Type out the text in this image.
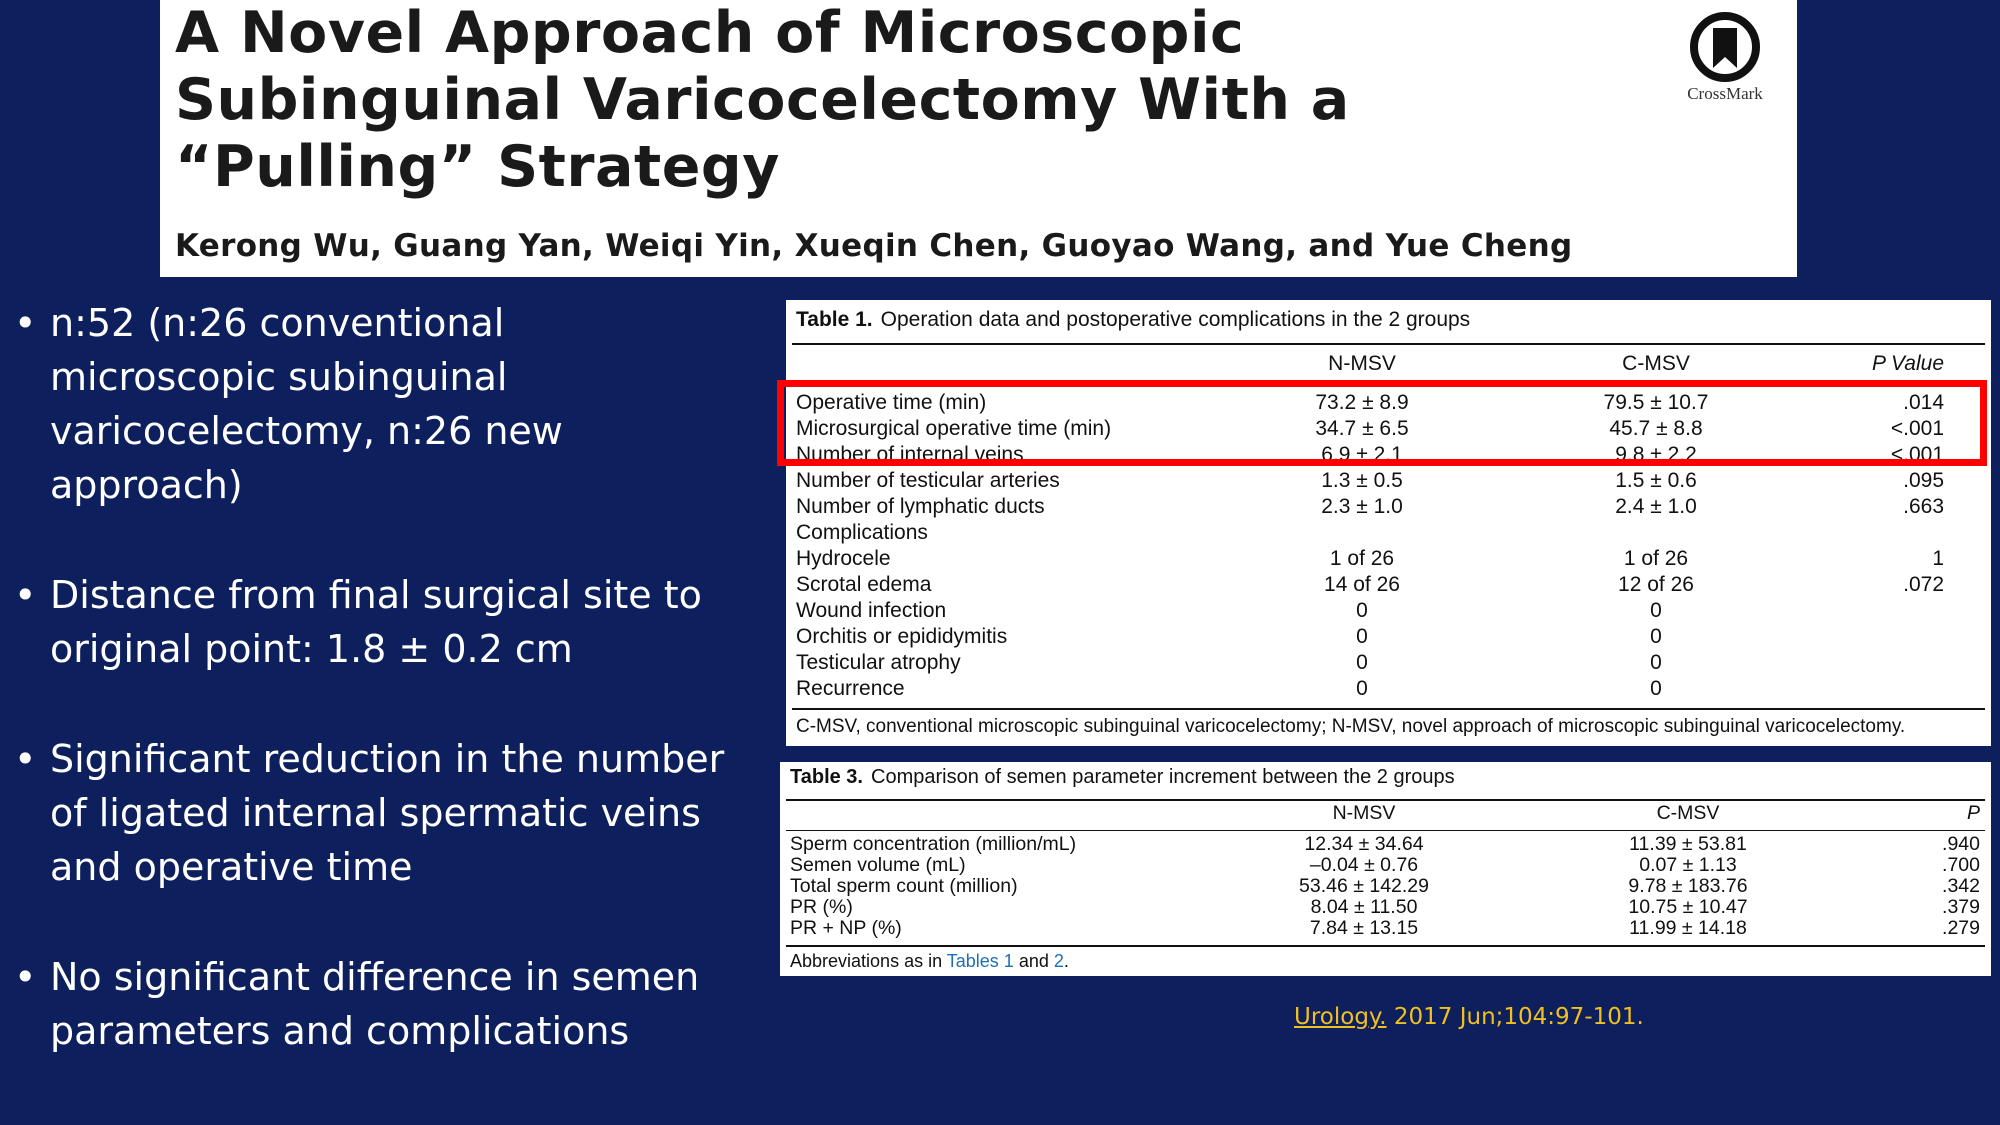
A Novel Approach of Microscopic Subinguinal Varicocelectomy With a “Pulling” Strategy
Kerong Wu, Guang Yan, Weiqi Yin, Xueqin Chen, Guoyao Wang, and Yue Cheng
CrossMark
• n:52 (n:26 conventional microscopic subinguinal varicocelectomy, n:26 new approach)
• Distance from final surgical site to original point: 1.8 ± 0.2 cm
• Significant reduction in the number of ligated internal spermatic veins and operative time
• No significant difference in semen parameters and complications
Table 1. Operation data and postoperative complications in the 2 groups
N-MSV	C-MSV	P Value
Operative time (min)	73.2 ± 8.9	79.5 ± 10.7	.014
Microsurgical operative time (min)	34.7 ± 6.5	45.7 ± 8.8	<.001
Number of internal veins	6.9 ± 2.1	9.8 ± 2.2	<.001
Number of testicular arteries	1.3 ± 0.5	1.5 ± 0.6	.095
Number of lymphatic ducts	2.3 ± 1.0	2.4 ± 1.0	.663
Complications
Hydrocele	1 of 26	1 of 26	1
Scrotal edema	14 of 26	12 of 26	.072
Wound infection	0	0
Orchitis or epididymitis	0	0
Testicular atrophy	0	0
Recurrence	0	0
C-MSV, conventional microscopic subinguinal varicocelectomy; N-MSV, novel approach of microscopic subinguinal varicocelectomy.
Table 3. Comparison of semen parameter increment between the 2 groups
N-MSV	C-MSV	P
Sperm concentration (million/mL)	12.34 ± 34.64	11.39 ± 53.81	.940
Semen volume (mL)	–0.04 ± 0.76	0.07 ± 1.13	.700
Total sperm count (million)	53.46 ± 142.29	9.78 ± 183.76	.342
PR (%)	8.04 ± 11.50	10.75 ± 10.47	.379
PR + NP (%)	7.84 ± 13.15	11.99 ± 14.18	.279
Abbreviations as in Tables 1 and 2.
Urology. 2017 Jun;104:97-101.
